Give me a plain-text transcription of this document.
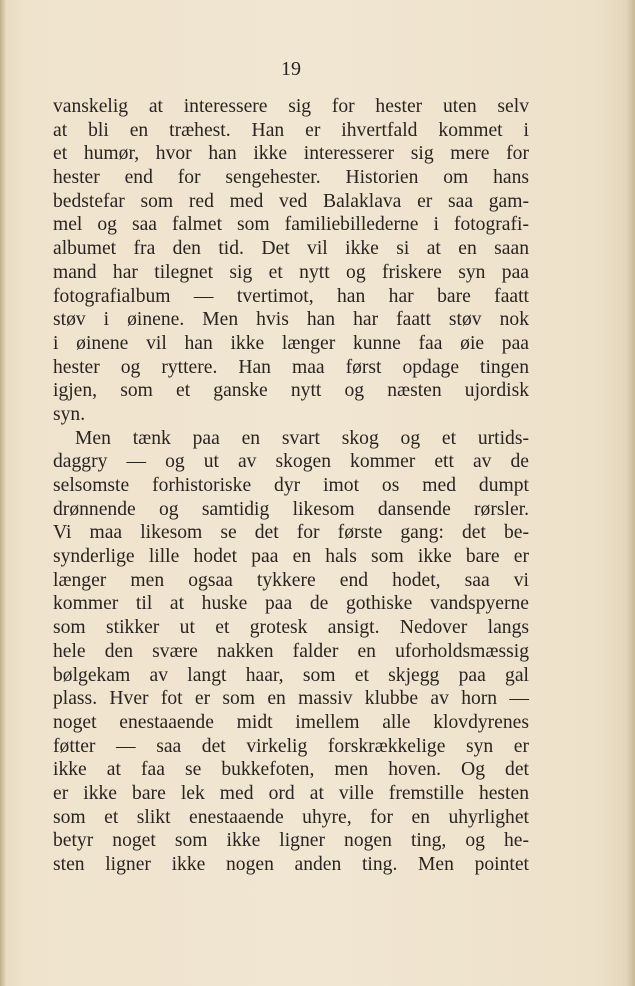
19
vanskelig at interessere sig for hester uten selv
at bli en træhest. Han er ihvertfald kommet i
et humør, hvor han ikke interesserer sig mere for
hester end for sengehester. Historien om hans
bedstefar som red med ved Balaklava er saa gam-
mel og saa falmet som familiebillederne i fotografi-
albumet fra den tid. Det vil ikke si at en saan
mand har tilegnet sig et nytt og friskere syn paa
fotografialbum — tvertimot, han har bare faatt
støv i øinene. Men hvis han har faatt støv nok
i øinene vil han ikke længer kunne faa øie paa
hester og ryttere. Han maa først opdage tingen
igjen, som et ganske nytt og næsten ujordisk
syn.
Men tænk paa en svart skog og et urtids-
daggry — og ut av skogen kommer ett av de
selsomste forhistoriske dyr imot os med dumpt
drønnende og samtidig likesom dansende rørsler.
Vi maa likesom se det for første gang: det be-
synderlige lille hodet paa en hals som ikke bare er
længer men ogsaa tykkere end hodet, saa vi
kommer til at huske paa de gothiske vandspyerne
som stikker ut et grotesk ansigt. Nedover langs
hele den svære nakken falder en uforholdsmæssig
bølgekam av langt haar, som et skjegg paa gal
plass. Hver fot er som en massiv klubbe av horn —
noget enestaaende midt imellem alle klovdyrenes
føtter — saa det virkelig forskrækkelige syn er
ikke at faa se bukkefoten, men hoven. Og det
er ikke bare lek med ord at ville fremstille hesten
som et slikt enestaaende uhyre, for en uhyrlighet
betyr noget som ikke ligner nogen ting, og he-
sten ligner ikke nogen anden ting. Men pointet
